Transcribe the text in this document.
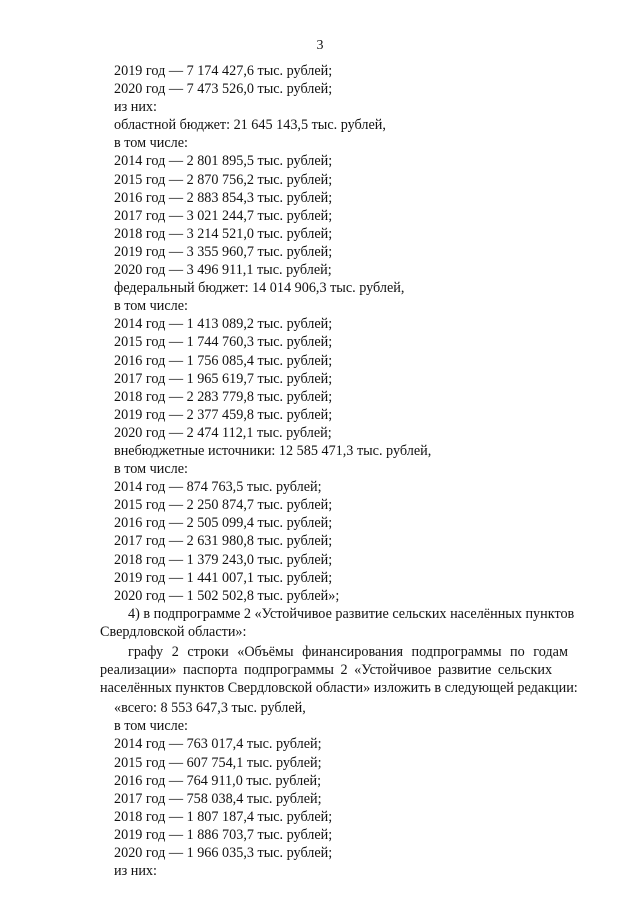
3
2019 год — 7 174 427,6 тыс. рублей;
2020 год — 7 473 526,0 тыс. рублей;
из них:
областной бюджет: 21 645 143,5 тыс. рублей,
в том числе:
2014 год — 2 801 895,5 тыс. рублей;
2015 год — 2 870 756,2 тыс. рублей;
2016 год — 2 883 854,3 тыс. рублей;
2017 год — 3 021 244,7 тыс. рублей;
2018 год — 3 214 521,0 тыс. рублей;
2019 год — 3 355 960,7 тыс. рублей;
2020 год — 3 496 911,1 тыс. рублей;
федеральный бюджет: 14 014 906,3 тыс. рублей,
в том числе:
2014 год — 1 413 089,2 тыс. рублей;
2015 год — 1 744 760,3 тыс. рублей;
2016 год — 1 756 085,4 тыс. рублей;
2017 год — 1 965 619,7 тыс. рублей;
2018 год — 2 283 779,8 тыс. рублей;
2019 год — 2 377 459,8 тыс. рублей;
2020 год — 2 474 112,1 тыс. рублей;
внебюджетные источники: 12 585 471,3 тыс. рублей,
в том числе:
2014 год — 874 763,5 тыс. рублей;
2015 год — 2 250 874,7 тыс. рублей;
2016 год — 2 505 099,4 тыс. рублей;
2017 год — 2 631 980,8 тыс. рублей;
2018 год — 1 379 243,0 тыс. рублей;
2019 год — 1 441 007,1 тыс. рублей;
2020 год — 1 502 502,8 тыс. рублей»;
4) в подпрограмме 2 «Устойчивое развитие сельских населённых пунктов
Свердловской области»:
графу 2 строки «Объёмы финансирования подпрограммы по годам
реализации» паспорта подпрограммы 2 «Устойчивое развитие сельских
населённых пунктов Свердловской области» изложить в следующей редакции:
«всего: 8 553 647,3 тыс. рублей,
в том числе:
2014 год — 763 017,4 тыс. рублей;
2015 год — 607 754,1 тыс. рублей;
2016 год — 764 911,0 тыс. рублей;
2017 год — 758 038,4 тыс. рублей;
2018 год — 1 807 187,4 тыс. рублей;
2019 год — 1 886 703,7 тыс. рублей;
2020 год — 1 966 035,3 тыс. рублей;
из них:
